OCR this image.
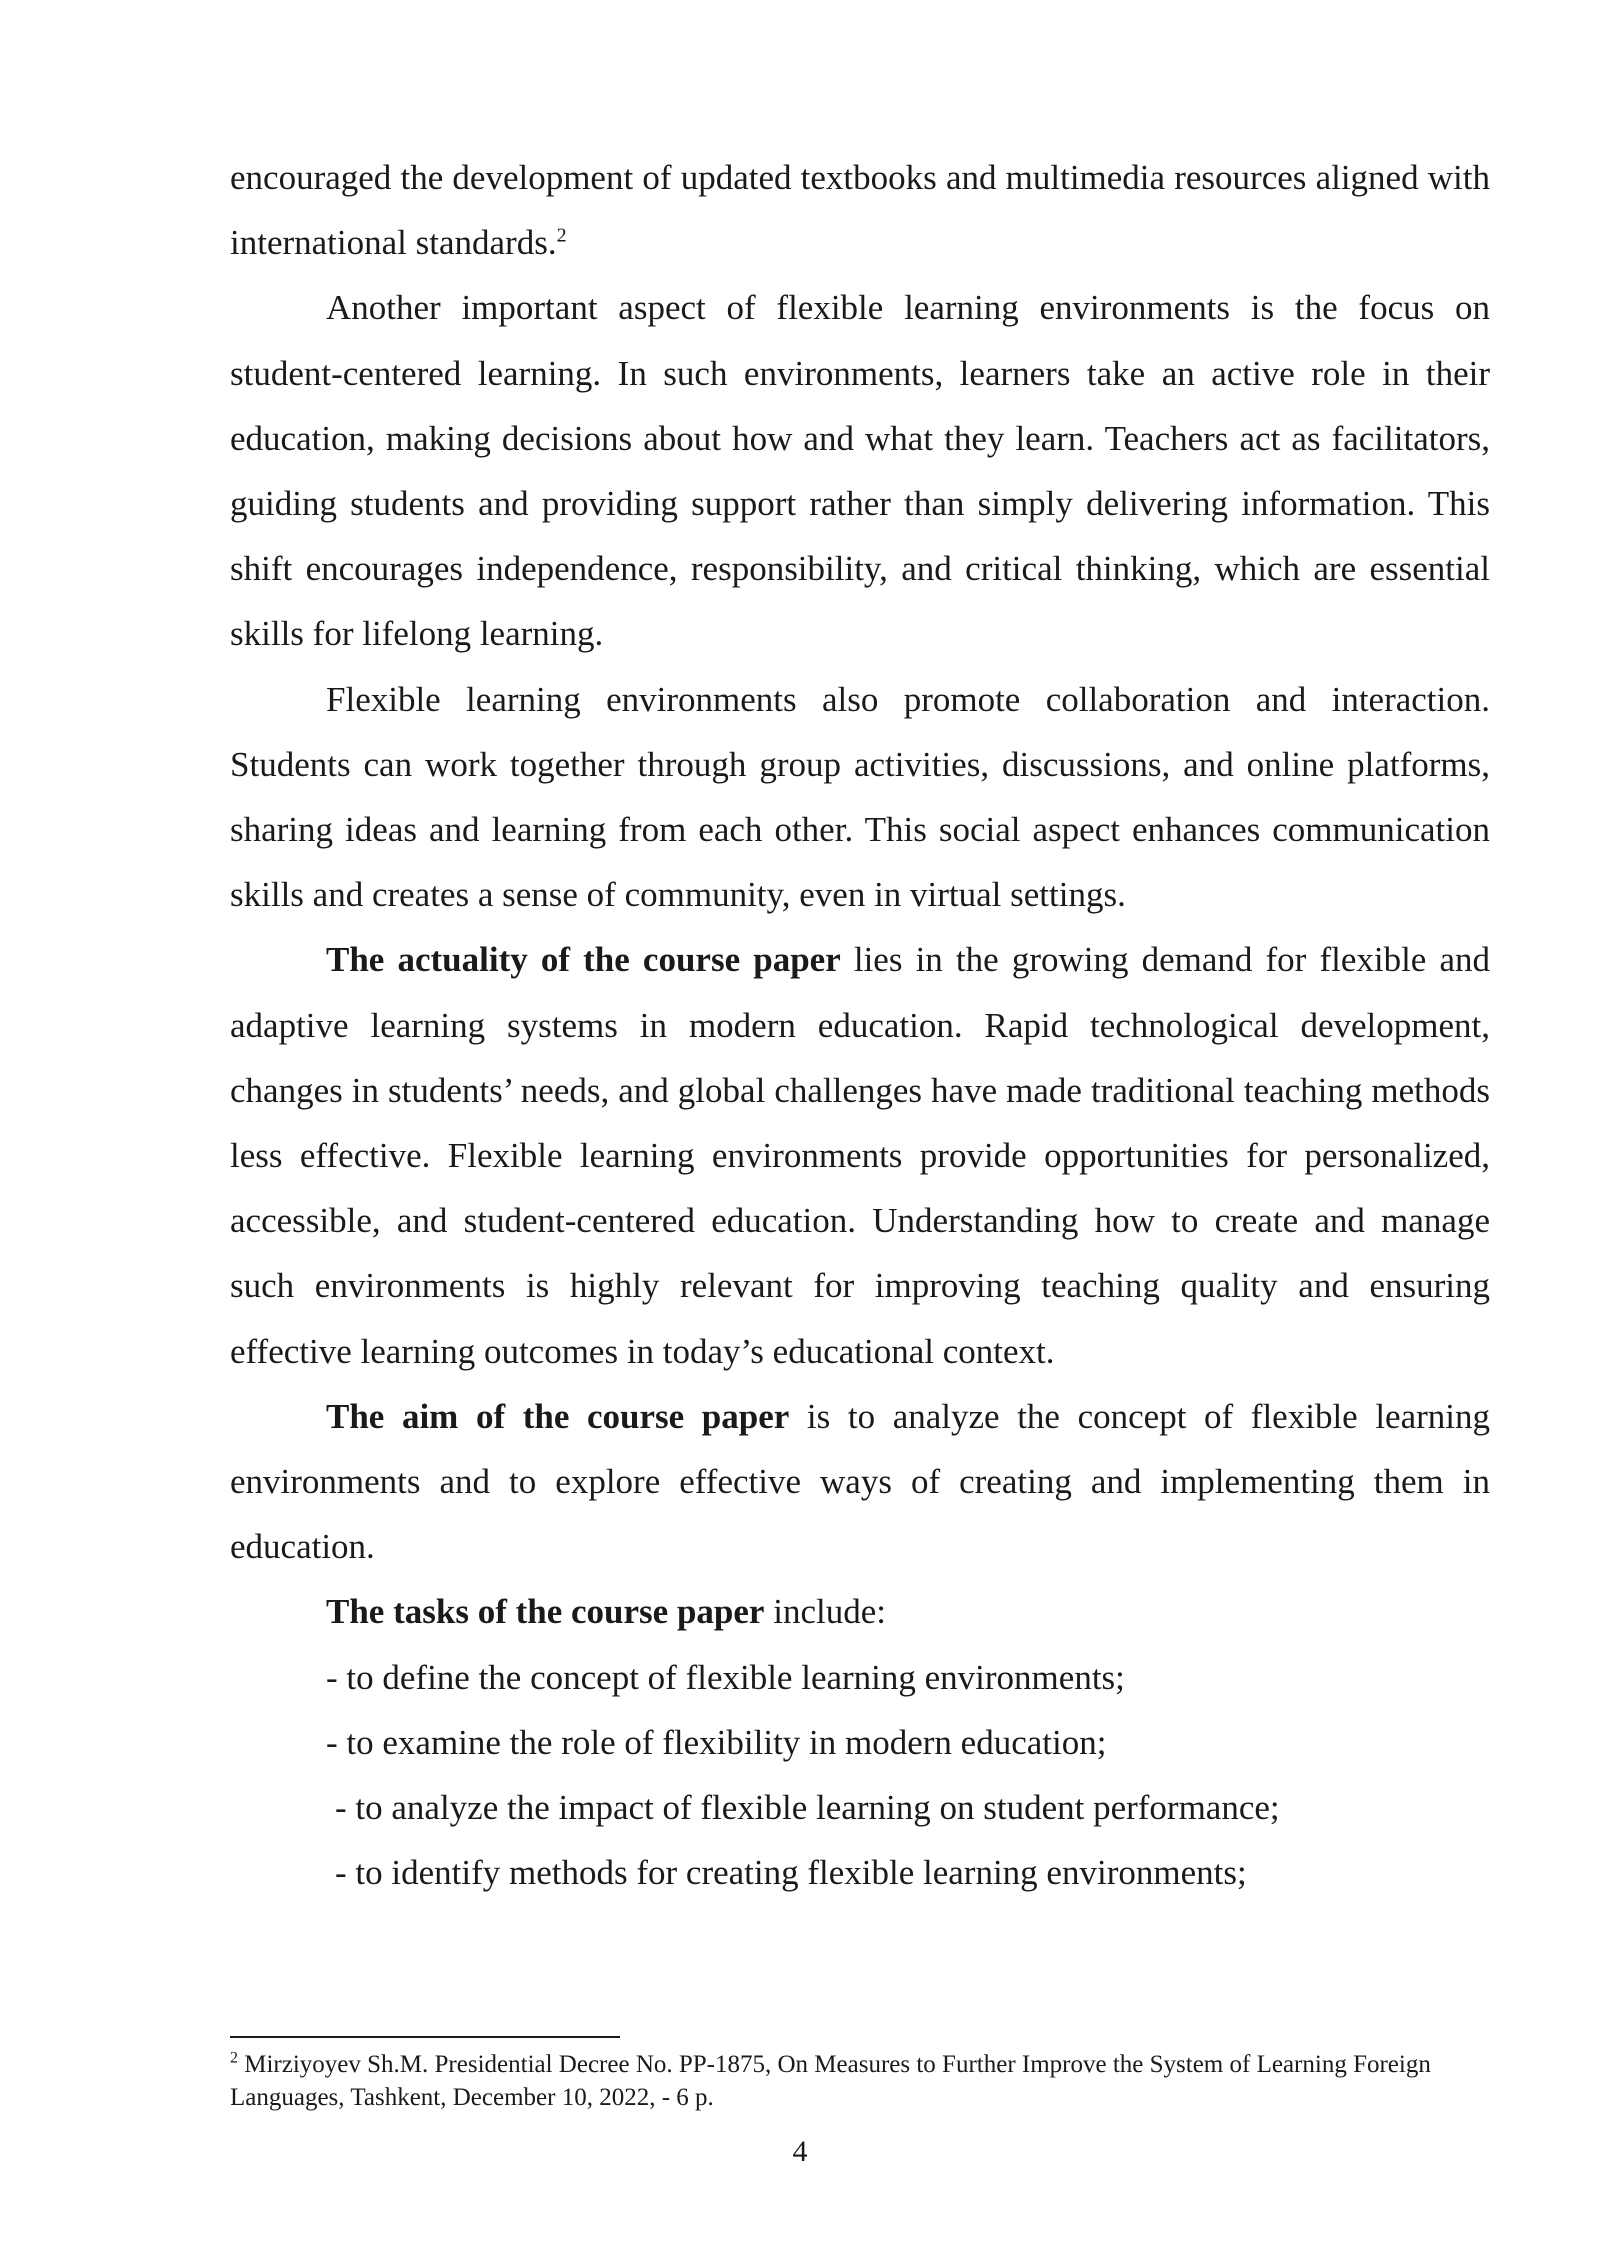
encouraged the development of updated textbooks and multimedia resources aligned with international standards.$^2$

Another important aspect of flexible learning environments is the focus on student-centered learning. In such environments, learners take an active role in their education, making decisions about how and what they learn. Teachers act as facilitators, guiding students and providing support rather than simply delivering information. This shift encourages independence, responsibility, and critical thinking, which are essential skills for lifelong learning.

Flexible learning environments also promote collaboration and interaction. Students can work together through group activities, discussions, and online platforms, sharing ideas and learning from each other. This social aspect enhances communication skills and creates a sense of community, even in virtual settings.

The actuality of the course paper lies in the growing demand for flexible and adaptive learning systems in modern education. Rapid technological development, changes in students’ needs, and global challenges have made traditional teaching methods less effective. Flexible learning environments provide opportunities for personalized, accessible, and student-centered education. Understanding how to create and manage such environments is highly relevant for improving teaching quality and ensuring effective learning outcomes in today’s educational context.

The aim of the course paper is to analyze the concept of flexible learning environments and to explore effective ways of creating and implementing them in education.

The tasks of the course paper include:

- to define the concept of flexible learning environments;
- to examine the role of flexibility in modern education;
- to analyze the impact of flexible learning on student performance;
- to identify methods for creating flexible learning environments;

$^2$ Mirziyoyev Sh.M. Presidential Decree No. PP-1875, On Measures to Further Improve the System of Learning Foreign Languages, Tashkent, December 10, 2022, - 6 p.

4
